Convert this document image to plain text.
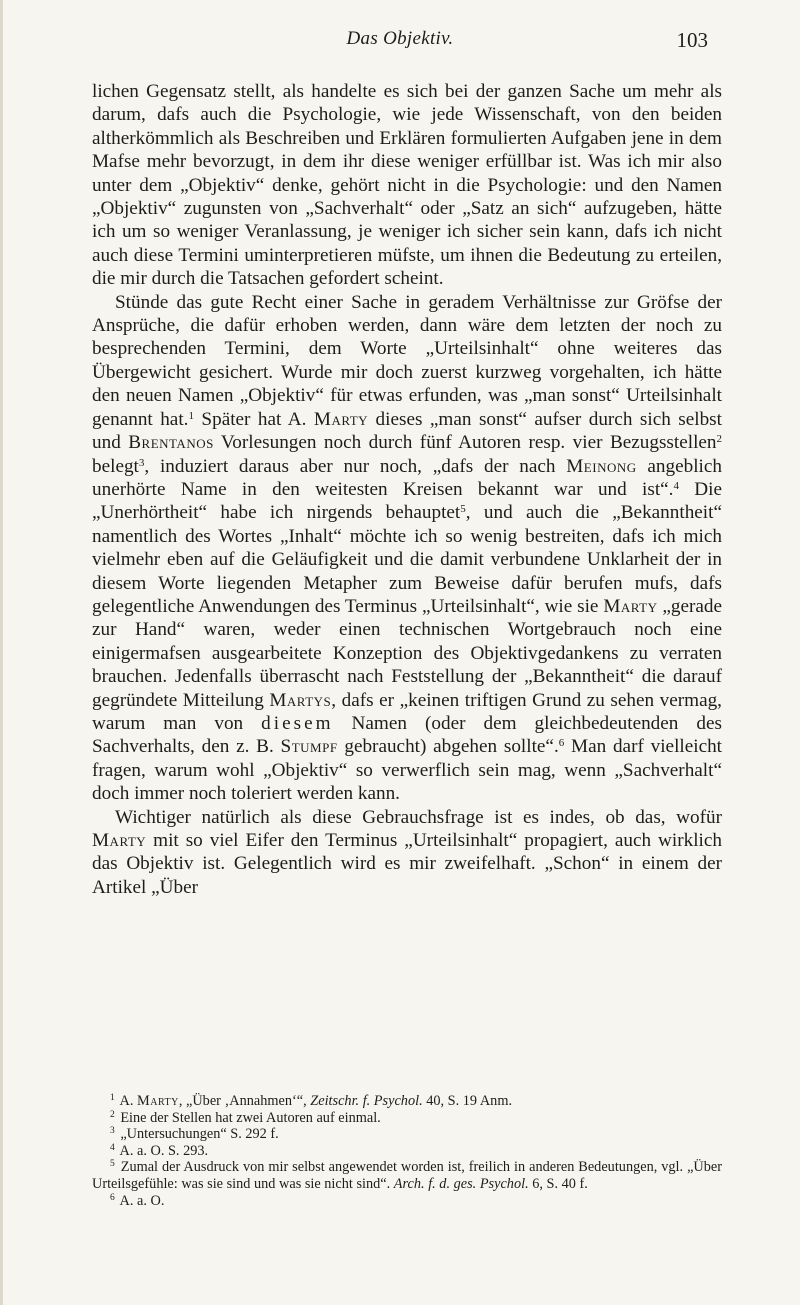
Das Objektiv.	103

lichen Gegensatz stellt, als handelte es sich bei der ganzen Sache um mehr als darum, dafs auch die Psychologie, wie jede Wissenschaft, von den beiden altherkömmlich als Beschreiben und Erklären formulierten Aufgaben jene in dem Mafse mehr bevorzugt, in dem ihr diese weniger erfüllbar ist. Was ich mir also unter dem „Objektiv“ denke, gehört nicht in die Psychologie: und den Namen „Objektiv“ zugunsten von „Sachverhalt“ oder „Satz an sich“ aufzugeben, hätte ich um so weniger Veranlassung, je weniger ich sicher sein kann, dafs ich nicht auch diese Termini uminterpretieren müfste, um ihnen die Bedeutung zu erteilen, die mir durch die Tatsachen gefordert scheint.

Stünde das gute Recht einer Sache in geradem Verhältnisse zur Gröfse der Ansprüche, die dafür erhoben werden, dann wäre dem letzten der noch zu besprechenden Termini, dem Worte „Urteilsinhalt“ ohne weiteres das Übergewicht gesichert. Wurde mir doch zuerst kurzweg vorgehalten, ich hätte den neuen Namen „Objektiv“ für etwas erfunden, was „man sonst“ Urteilsinhalt genannt hat.$^1$ Später hat A. Marty dieses „man sonst“ aufser durch sich selbst und Brentanos Vorlesungen noch durch fünf Autoren resp. vier Bezugsstellen$^2$ belegt$^3$, induziert daraus aber nur noch, „dafs der nach Meinong angeblich unerhörte Name in den weitesten Kreisen bekannt war und ist“.$^4$ Die „Unerhörtheit“ habe ich nirgends behauptet$^5$, und auch die „Bekanntheit“ namentlich des Wortes „Inhalt“ möchte ich so wenig bestreiten, dafs ich mich vielmehr eben auf die Geläufigkeit und die damit verbundene Unklarheit der in diesem Worte liegenden Metapher zum Beweise dafür berufen mufs, dafs gelegentliche Anwendungen des Terminus „Urteilsinhalt“, wie sie Marty „gerade zur Hand“ waren, weder einen technischen Wortgebrauch noch eine einigermafsen ausgearbeitete Konzeption des Objektivgedankens zu verraten brauchen. Jedenfalls überrascht nach Feststellung der „Bekanntheit“ die darauf gegründete Mitteilung Martys, dafs er „keinen triftigen Grund zu sehen vermag, warum man von diesem Namen (oder dem gleichbedeutenden des Sachverhalts, den z. B. Stumpf gebraucht) abgehen sollte“.$^6$ Man darf vielleicht fragen, warum wohl „Objektiv“ so verwerflich sein mag, wenn „Sachverhalt“ doch immer noch toleriert werden kann.

Wichtiger natürlich als diese Gebrauchsfrage ist es indes, ob das, wofür Marty mit so viel Eifer den Terminus „Urteilsinhalt“ propagiert, auch wirklich das Objektiv ist. Gelegentlich wird es mir zweifelhaft. „Schon“ in einem der Artikel „Über

$^1$ A. Marty, „Über ‚Annahmen‘“, Zeitschr. f. Psychol. 40, S. 19 Anm.

$^2$ Eine der Stellen hat zwei Autoren auf einmal.

$^3$ „Untersuchungen“ S. 292 f.

$^4$ A. a. O. S. 293.

$^5$ Zumal der Ausdruck von mir selbst angewendet worden ist, freilich in anderen Bedeutungen, vgl. „Über Urteilsgefühle: was sie sind und was sie nicht sind“. Arch. f. d. ges. Psychol. 6, S. 40 f.

$^6$ A. a. O.
